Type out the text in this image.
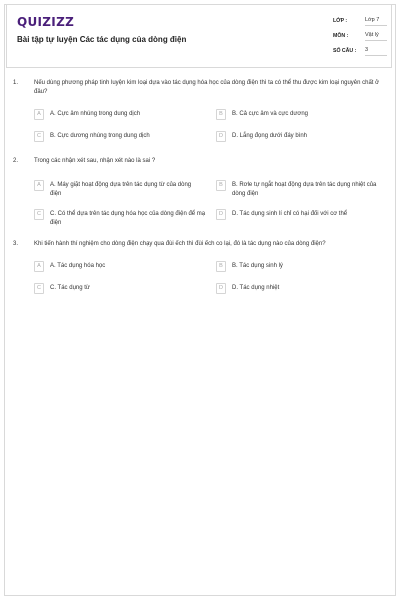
QUIZIZZ
Bài tập tự luyện Các tác dụng của dòng điện
LỚP :	Lớp 7
MÔN :	Vật lý
SỐ CÂU : 3
1.	Nếu dùng phương pháp tinh luyện kim loại dựa vào tác dụng hóa học của dòng điện thì ta có thể thu được kim loại nguyên chất ở đâu?
A	A. Cực âm nhúng trong dung dịch	B	B. Cả cực âm và cực dương
C	B. Cực dương nhúng trong dung dịch	D	D. Lắng đọng dưới đáy bình
2.	Trong các nhận xét sau, nhận xét nào là sai ?
A	A. Máy giặt hoạt động dựa trên tác dụng từ của dòng điện
B	B. Rơle tự ngắt hoạt động dựa trên tác dụng nhiệt của dòng điện
C	C. Có thể dựa trên tác dụng hóa học của dòng điện để mạ điện
D	D. Tác dụng sinh lí chỉ có hại đối với cơ thể
3.	Khi tiến hành thí nghiệm cho dòng điện chạy qua đùi ếch thì đùi ếch co lại, đó là tác dụng nào của dòng điện?
A	A. Tác dụng hóa học	B	B. Tác dụng sinh lý
C	C. Tác dụng từ	D	D. Tác dụng nhiệt
